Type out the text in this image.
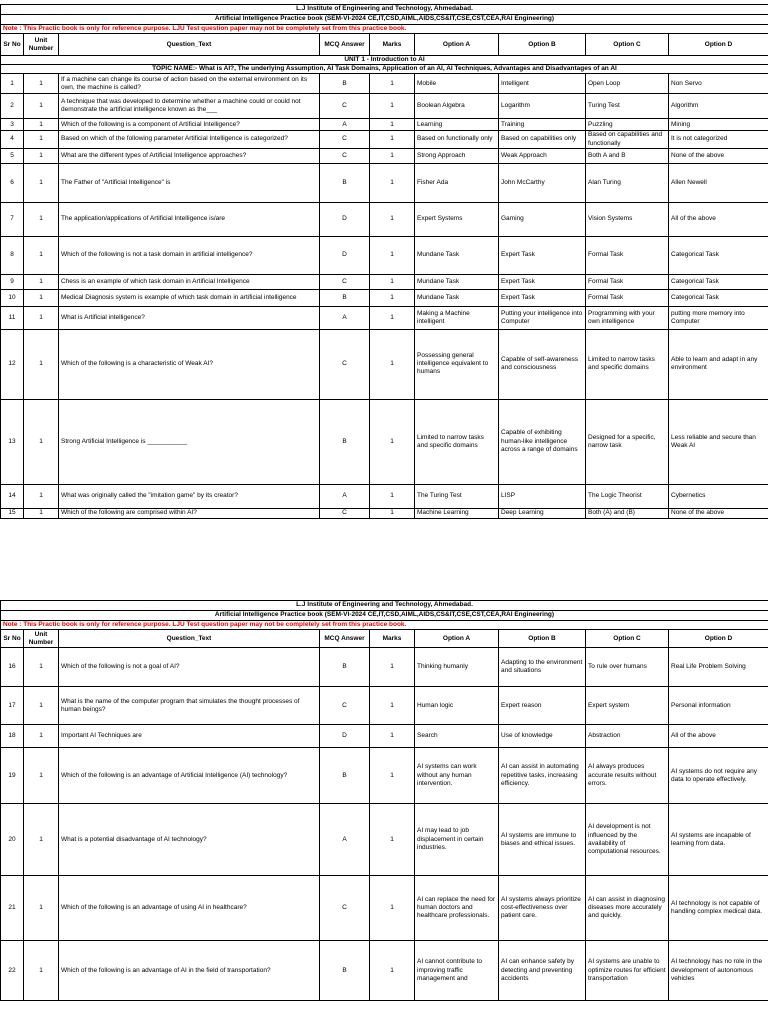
L.J Institute of Engineering and Technology, Ahmedabad.								
Artificial Intelligence Practice book (SEM-VI-2024 CE,IT,CSD,AIML,AIDS,CS&IT,CSE,CST,CEA,RAI Engineering)								
Note : This Practic book is only for reference purpose. LJU Test question paper may not be completely set from this practice book.								
Sr No	Unit Number	Question_Text	MCQ Answer	Marks	Option A	Option B	Option C	Option D
UNIT 1 - Introduction to AI								
TOPIC NAME:- What is AI?, The underlying Assumption, AI Task Domains, Application of an AI, AI Techniques, Advantages and Disadvantages of an AI								
1	1	If a machine can change its course of action based on the external environment on its own, the machine is called?	B	1	Mobile	Intelligent	Open Loop	Non Servo
2	1	A technique that was developed to determine whether a machine could or could not demonstrate the artificial intelligence known as the___	C	1	Boolean Algebra	Logarithm	Turing Test	Algorithm
3	1	Which of the following is a component of Artificial Intelligence?	A	1	Learning	Training	Puzzling	Mining
4	1	Based on which of the following parameter Artificial Intelligence is categorized?	C	1	Based on functionally only	Based on capabilities only	Based on capabilities and functionally	It is not categorized
5	1	What are the different types of Artificial Intelligence approaches?	C	1	Strong Approach	Weak Approach	Both A and B	None of the above
6	1	The Father of "Artificial Intelligence" is	B	1	Fisher Ada	John McCarthy	Alan Turing	Allen Newell
7	1	The application/applications of Artificial Intelligence is/are	D	1	Expert Systems	Gaming	Vision Systems	All of the above
8	1	Which of the following is not a task domain in artificial intelligence?	D	1	Mundane Task	Expert Task	Formal Task	Categorical Task
9	1	Chess is an example of which task domain in Artificial Intelligence	C	1	Mundane Task	Expert Task	Formal Task	Categorical Task
10	1	Medical Diagnosis system is example of which task domain in artificial intelligence	B	1	Mundane Task	Expert Task	Formal Task	Categorical Task
11	1	What is Artificial intelligence?	A	1	Making a Machine intelligent	Putting your intelligence into Computer	Programming with your own intelligence	putting more memory into Computer
12	1	Which of the following is a characteristic of Weak AI?	C	1	Possessing general intelligence equivalent to humans	Capable of self-awareness and consciousness	Limited to narrow tasks and specific domains	Able to learn and adapt in any environment
13	1	Strong Artificial Intelligence is ___________	B	1	Limited to narrow tasks and specific domains	Capable of exhibiting human-like intelligence across a range of domains	Designed for a specific, narrow task	Less reliable and secure than Weak AI
14	1	What was originally called the "imitation game" by its creator?	A	1	The Turing Test	LISP	The Logic Theorist	Cybernetics
15	1	Which of the following are comprised within AI?	C	1	Machine Learning	Deep Learning	Both (A) and (B)	None of the above
L.J Institute of Engineering and Technology, Ahmedabad.								
Artificial Intelligence Practice book (SEM-VI-2024 CE,IT,CSD,AIML,AIDS,CS&IT,CSE,CST,CEA,RAI Engineering)								
Note : This Practic book is only for reference purpose. LJU Test question paper may not be completely set from this practice book.								
Sr No	Unit Number	Question_Text	MCQ Answer	Marks	Option A	Option B	Option C	Option D
16	1	Which of the following is not a goal of AI?	B	1	Thinking humanly	Adapting to the environment and situations	To rule over humans	Real Life Problem Solving
17	1	What is the name of the computer program that simulates the thought processes of human beings?	C	1	Human logic	Expert reason	Expert system	Personal information
18	1	Important AI Techniques are	D	1	Search	Use of knowledge	Abstraction	All of the above
19	1	Which of the following is an advantage of Artificial Intelligence (AI) technology?	B	1	AI systems can work without any human intervention.	AI can assist in automating repetitive tasks, increasing efficiency.	AI always produces accurate results without errors.	AI systems do not require any data to operate effectively.
20	1	What is a potential disadvantage of AI technology?	A	1	AI may lead to job displacement in certain industries.	AI systems are immune to biases and ethical issues.	AI development is not influenced by the availability of computational resources.	AI systems are incapable of learning from data.
21	1	Which of the following is an advantage of using AI in healthcare?	C	1	AI can replace the need for human doctors and healthcare professionals.	AI systems always prioritize cost-effectiveness over patient care.	AI can assist in diagnosing diseases more accurately and quickly.	AI technology is not capable of handling complex medical data.
22	1	Which of the following is an advantage of AI in the field of transportation?	B	1	AI cannot contribute to improving traffic management and	AI can enhance safety by detecting and preventing accidents	AI systems are unable to optimize routes for efficient transportation	AI technology has no role in the development of autonomous vehicles
